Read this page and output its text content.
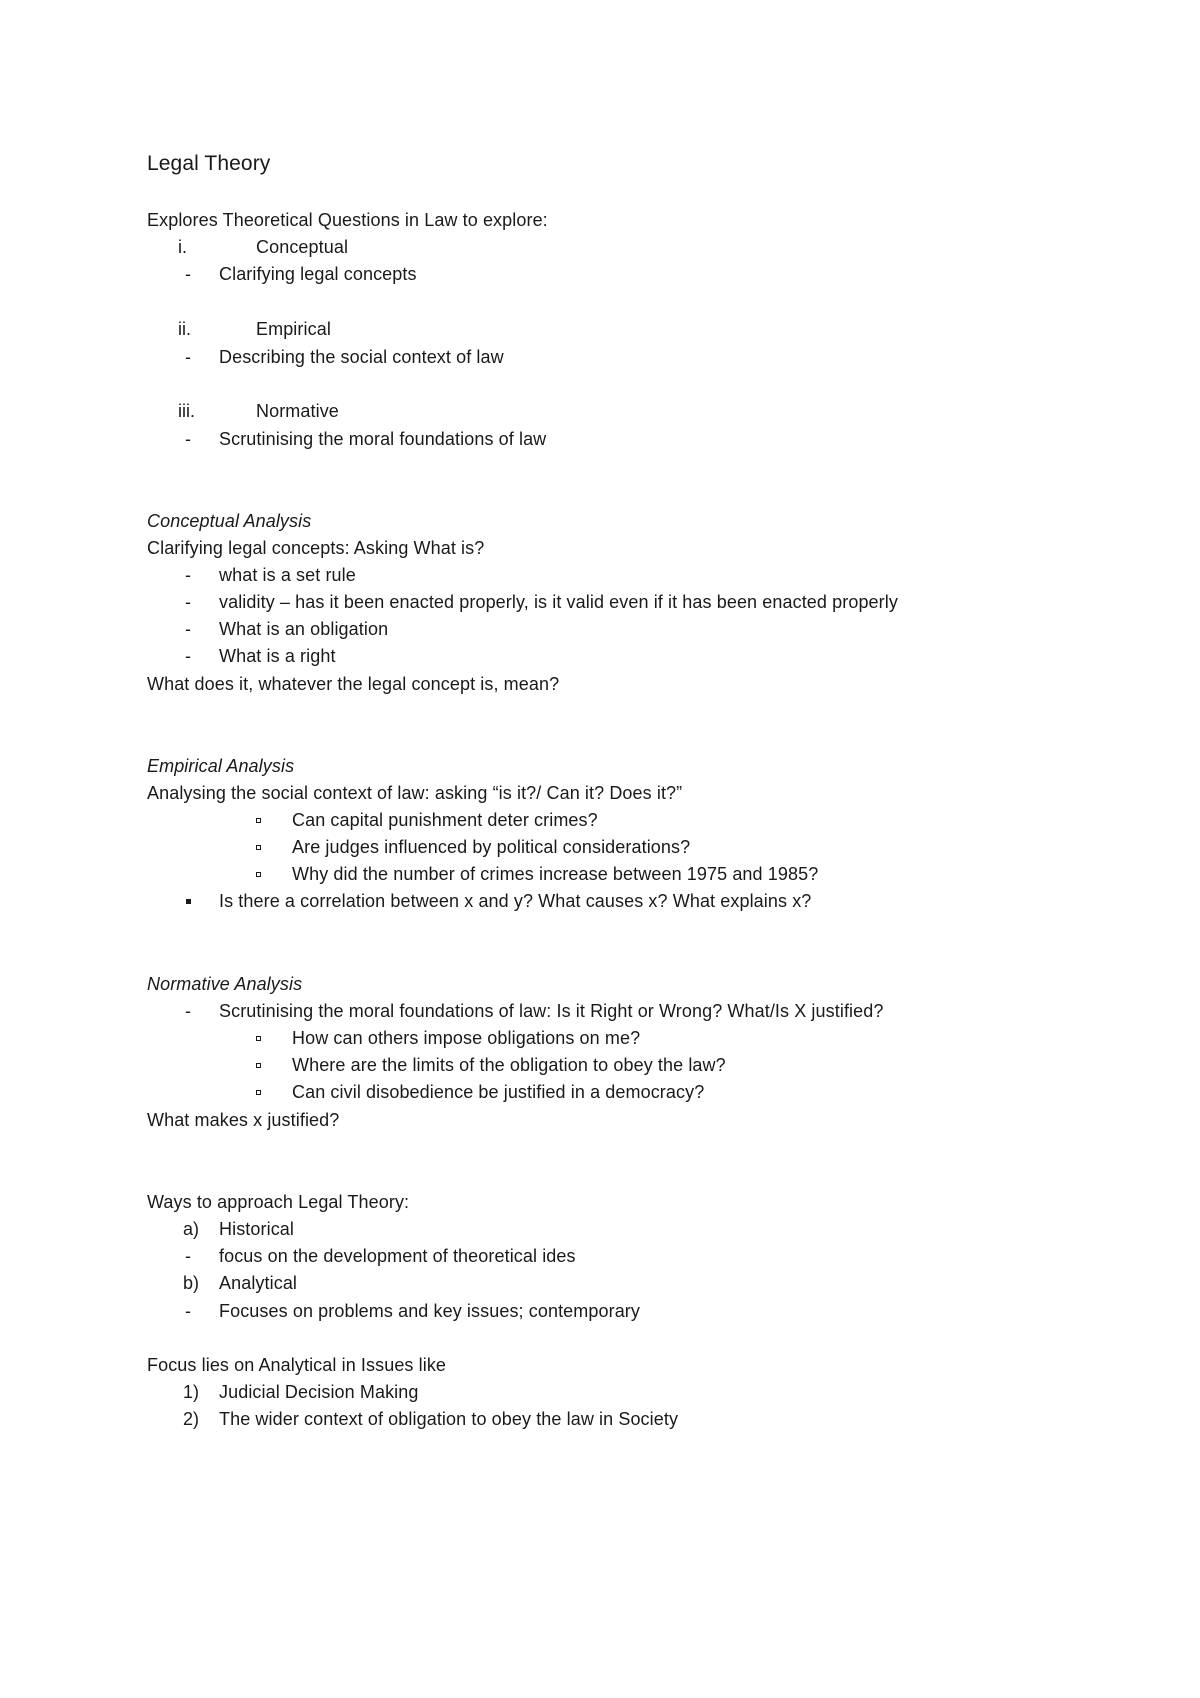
Legal Theory
Explores Theoretical Questions in Law to explore:
i.	Conceptual
- Clarifying legal concepts
ii.	Empirical
- Describing the social context of law
iii.	Normative
- Scrutinising the moral foundations of law
Conceptual Analysis
Clarifying legal concepts: Asking What is?
- what is a set rule
- validity – has it been enacted properly, is it valid even if it has been enacted properly
- What is an obligation
- What is a right
What does it, whatever the legal concept is, mean?
Empirical Analysis
Analysing the social context of law: asking “is it?/ Can it? Does it?”
Can capital punishment deter crimes?
Are judges influenced by political considerations?
Why did the number of crimes increase between 1975 and 1985?
Is there a correlation between x and y? What causes x? What explains x?
Normative Analysis
- Scrutinising the moral foundations of law: Is it Right or Wrong? What/Is X justified?
How can others impose obligations on me?
Where are the limits of the obligation to obey the law?
Can civil disobedience be justified in a democracy?
What makes x justified?
Ways to approach Legal Theory:
a) Historical
- focus on the development of theoretical ides
b) Analytical
- Focuses on problems and key issues; contemporary
Focus lies on Analytical in Issues like
1) Judicial Decision Making
2) The wider context of obligation to obey the law in Society
